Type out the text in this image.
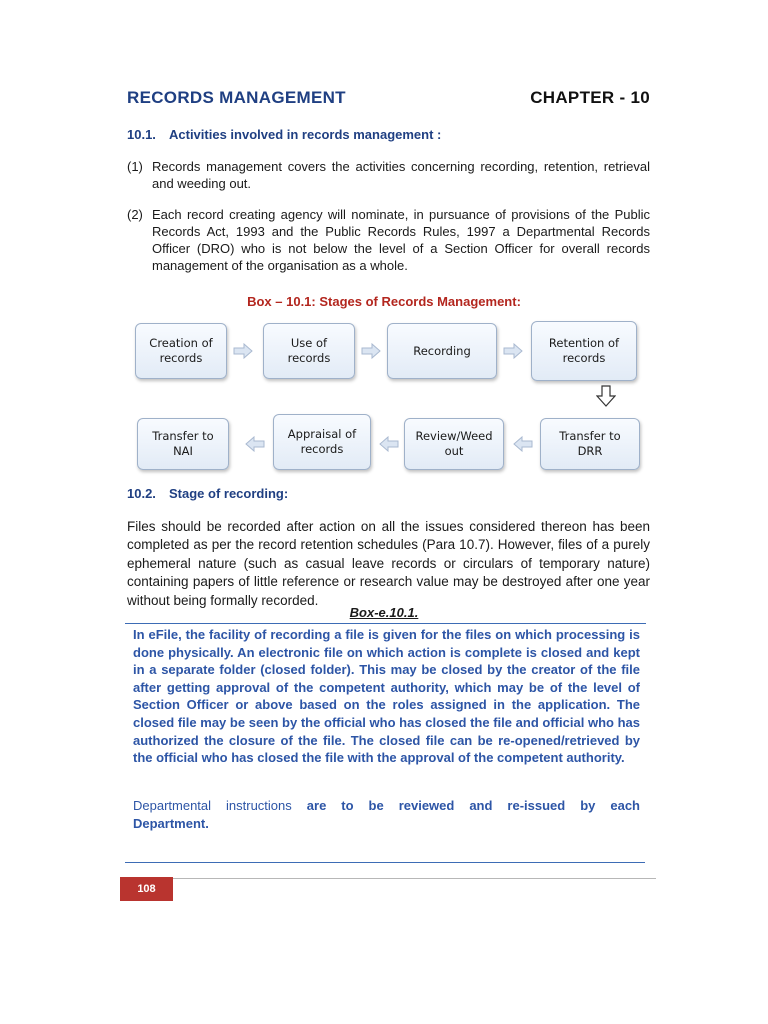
RECORDS MANAGEMENT	CHAPTER - 10
10.1. Activities involved in records management :
(1) Records management covers the activities concerning recording, retention, retrieval and weeding out.
(2) Each record creating agency will nominate, in pursuance of provisions of the Public Records Act, 1993 and the Public Records Rules, 1997 a Departmental Records Officer (DRO) who is not below the level of a Section Officer for overall records management of the organisation as a whole.
Box – 10.1: Stages of Records Management:
Creation of records
Use of records
Recording
Retention of records
Transfer to NAI
Appraisal of records
Review/Weed out
Transfer to DRR
10.2. Stage of recording:
Files should be recorded after action on all the issues considered thereon has been completed as per the record retention schedules (Para 10.7). However, files of a purely ephemeral nature (such as casual leave records or circulars of temporary nature) containing papers of little reference or research value may be destroyed after one year without being formally recorded.
Box-e.10.1.
In eFile, the facility of recording a file is given for the files on which processing is done physically. An electronic file on which action is complete is closed and kept in a separate folder (closed folder). This may be closed by the creator of the file after getting approval of the competent authority, which may be of the level of Section Officer or above based on the roles assigned in the application. The closed file may be seen by the official who has closed the file and official who has authorized the closure of the file. The closed file can be re-opened/retrieved by the official who has closed the file with the approval of the competent authority.
Departmental instructions are to be reviewed and re-issued by each Department.
108
